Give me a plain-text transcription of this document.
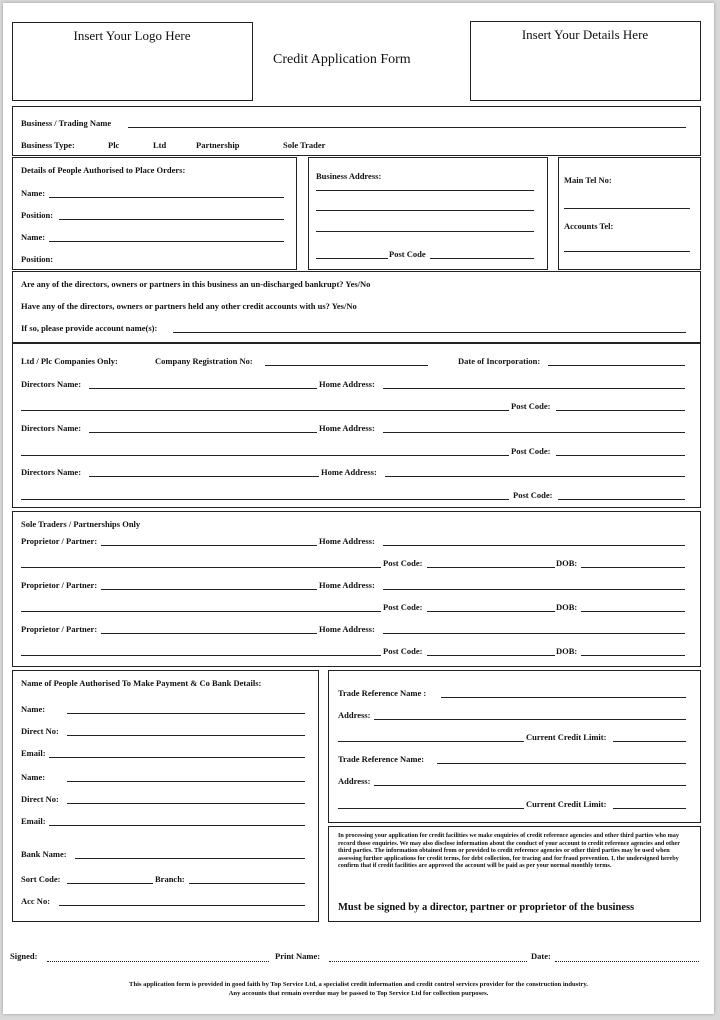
Insert Your Logo Here
Credit Application Form
Insert Your Details Here
Business / Trading Name
Business Type:	Plc	Ltd	Partnership	Sole Trader
Details of People Authorised to Place Orders:
Name:
Position:
Name:
Position:
Business Address:
Post Code
Main Tel No:
Accounts Tel:
Are any of the directors, owners or partners in this business an un-discharged bankrupt? Yes/No
Have any of the directors, owners or partners held any other credit accounts with us? Yes/No
If so, please provide account name(s):
Ltd / Plc Companies Only:	Company Registration No:	Date of Incorporation:
Directors Name:	Home Address:
Post Code:
Directors Name:	Home Address:
Post Code:
Directors Name:	Home Address:
Post Code:
Sole Traders / Partnerships Only
Proprietor / Partner:	Home Address:
Post Code:	DOB:
Proprietor / Partner:	Home Address:
Post Code:	DOB:
Proprietor / Partner:	Home Address:
Post Code:	DOB:
Name of People Authorised To Make Payment & Co Bank Details:
Name:
Direct No:
Email:
Name:
Direct No:
Email:
Bank Name:
Sort Code:	Branch:
Acc No:
Trade Reference Name :
Address:
Current Credit Limit:
Trade Reference Name:
Address:
Current Credit Limit:
In processing your application for credit facilities we make enquiries of credit reference agencies and other third parties who may record those enquiries. We may also disclose information about the conduct of your account to credit reference agencies and other third parties. The information obtained from or provided to credit reference agencies or other third parties may be used when assessing further applications for credit terms, for debt collection, for tracing and for fraud prevention. I, the undersigned hereby confirm that if credit facilities are approved the account will be paid as per your normal monthly terms.
Must be signed by a director, partner or proprietor of the business
Signed:	Print Name:	Date:
This application form is provided in good faith by Top Service Ltd, a specialist credit information and credit control services provider for the construction industry.
Any accounts that remain overdue may be passed to Top Service Ltd for collection purposes.
